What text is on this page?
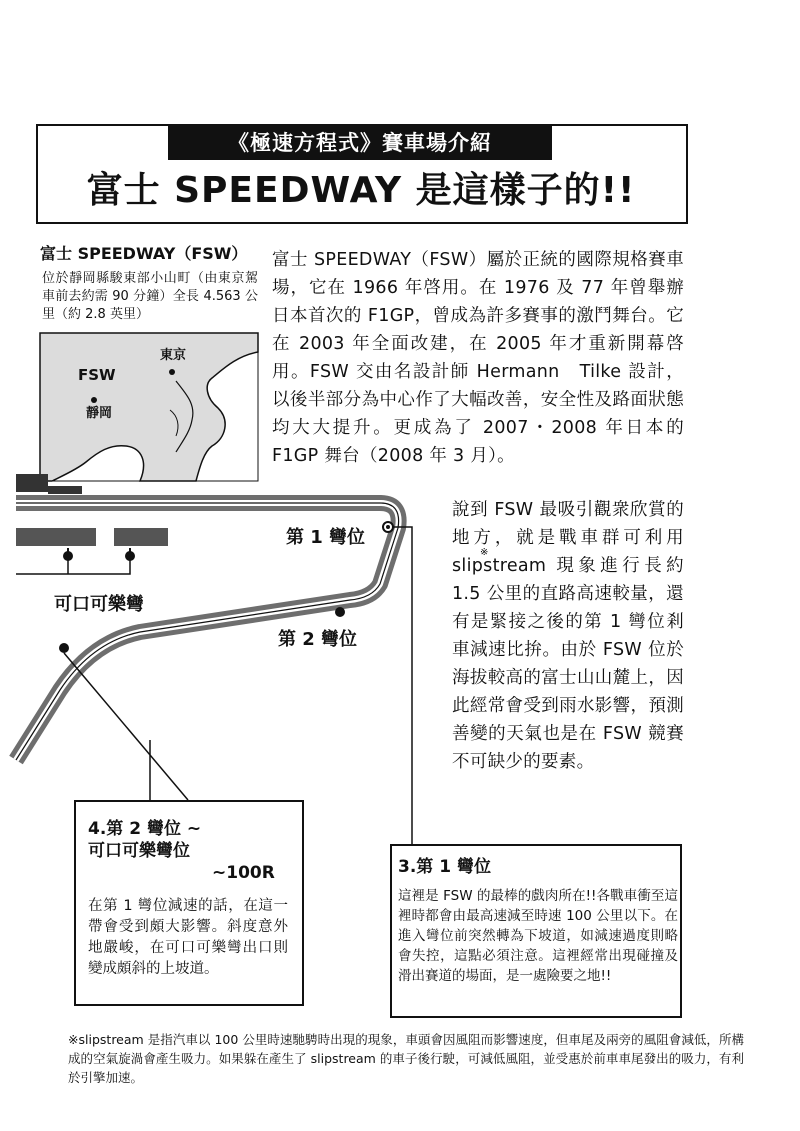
《極速方程式》賽車場介紹
富士 SPEEDWAY 是這樣子的!!
富士 SPEEDWAY（FSW）
位於靜岡縣駿東部小山町（由東京駕車前去約需 90 分鐘）全長 4.563 公里（約 2.8 英里）
東京
FSW
靜岡
富士 SPEEDWAY（FSW）屬於正統的國際規格賽車場，它在 1966 年啓用。在 1976 及 77 年曾舉辦日本首次的 F1GP，曾成為許多賽事的激鬥舞台。它在 2003 年全面改建，在 2005 年才重新開幕啓用。FSW 交由名設計師 Hermann　Tilke 設計，以後半部分為中心作了大幅改善，安全性及路面狀態均大大提升。更成為了 2007・2008 年日本的 F1GP 舞台（2008 年 3 月）。
說到 FSW 最吸引觀衆欣賞的地方，就是戰車群可利用 slipstream 現象進行長約 1.5 公里的直路高速較量，還有是緊接之後的第 1 彎位剎車減速比拚。由於 FSW 位於海拔較高的富士山山麓上，因此經常會受到雨水影響，預測善變的天氣也是在 FSW 競賽不可缺少的要素。
※
第 1 彎位
第 2 彎位
可口可樂彎
4.第 2 彎位 ~
可口可樂彎位
~100R
在第 1 彎位減速的話，在這一帶會受到頗大影響。斜度意外地嚴峻，在可口可樂彎出口則變成頗斜的上坡道。
3.第 1 彎位
這裡是 FSW 的最棒的戲肉所在!!各戰車衝至這裡時都會由最高速減至時速 100 公里以下。在進入彎位前突然轉為下坡道，如減速過度則略會失控，這點必須注意。這裡經常出現碰撞及滑出賽道的場面，是一處險要之地!!
※slipstream 是指汽車以 100 公里時速馳騁時出現的現象，車頭會因風阻而影響速度，但車尾及兩旁的風阻會減低，所構成的空氣旋渦會產生吸力。如果躲在產生了 slipstream 的車子後行駛，可減低風阻，並受惠於前車車尾發出的吸力，有利於引擎加速。
